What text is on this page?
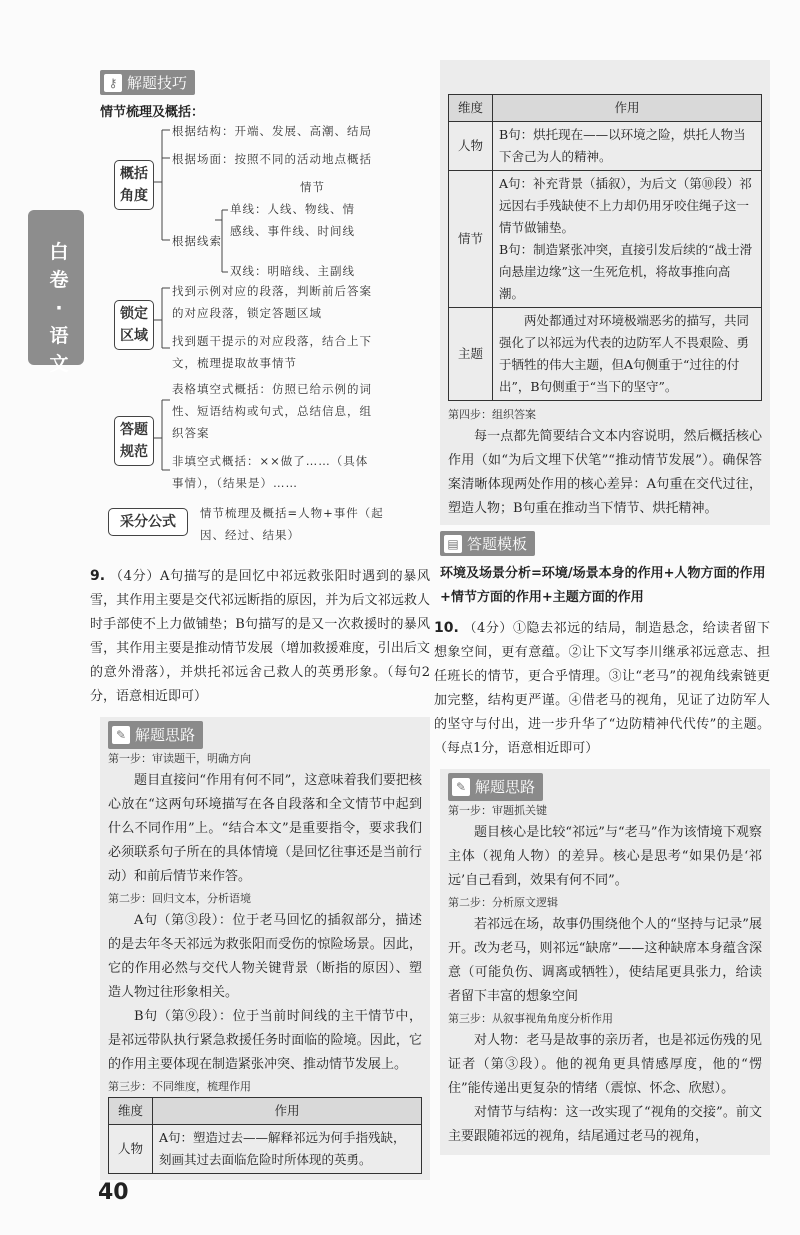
白卷·语文
⚷ 解题技巧
情节梳理及概括：
概括
角度
根据结构：开端、发展、高潮、结局
根据场面：按照不同的活动地点概括
情节
单线：人线、物线、情
根据线索
感线、事件线、时间线
双线：明暗线、主副线
锁定
区域
找到示例对应的段落，判断前后答案
的对应段落，锁定答题区域
找到题干提示的对应段落，结合上下
文，梳理提取故事情节
答题
规范
表格填空式概括：仿照已给示例的词
性、短语结构或句式，总结信息，组
织答案
非填空式概括：××做了……（具体
事情），（结果是）……
采分公式
情节梳理及概括=人物+事件（起
因、经过、结果）
9. （4分）A句描写的是回忆中祁远救张阳时遇到的暴风雪，其作用主要是交代祁远断指的原因，并为后文祁远救人时手部使不上力做铺垫；B句描写的是又一次救援时的暴风雪，其作用主要是推动情节发展（增加救援难度，引出后文的意外滑落），并烘托祁远舍己救人的英勇形象。（每句2分，语意相近即可）
✎ 解题思路
第一步：审读题干，明确方向
题目直接问“作用有何不同”，这意味着我们要把核心放在“这两句环境描写在各自段落和全文情节中起到什么不同作用”上。“结合本文”是重要指令，要求我们必须联系句子所在的具体情境（是回忆往事还是当前行动）和前后情节来作答。
第二步：回归文本，分析语境
A句（第③段）：位于老马回忆的插叙部分，描述的是去年冬天祁远为救张阳而受伤的惊险场景。因此，它的作用必然与交代人物关键背景（断指的原因）、塑造人物过往形象相关。
B句（第⑨段）：位于当前时间线的主干情节中，是祁远带队执行紧急救援任务时面临的险境。因此，它的作用主要体现在制造紧张冲突、推动情节发展上。
第三步：不同维度，梳理作用
维度	作用
人物	A句：塑造过去——解释祁远为何手指残缺，刻画其过去面临危险时所体现的英勇。
维度	作用
人物	B句：烘托现在——以环境之险，烘托人物当下舍己为人的精神。
情节	A句：补充背景（插叙），为后文（第⑩段）祁远因右手残缺使不上力却仍用牙咬住绳子这一情节做铺垫。
B句：制造紧张冲突，直接引发后续的“战士滑向悬崖边缘”这一生死危机，将故事推向高潮。

主题	两处都通过对环境极端恶劣的描写，共同强化了以祁远为代表的边防军人不畏艰险、勇于牺牲的伟大主题，但A句侧重于“过往的付出”，B句侧重于“当下的坚守”。
第四步：组织答案
每一点都先简要结合文本内容说明，然后概括核心作用（如“为后文埋下伏笔”“推动情节发展”）。确保答案清晰体现两处作用的核心差异：A句重在交代过往，塑造人物；B句重在推动当下情节、烘托精神。
▤ 答题模板
环境及场景分析=环境/场景本身的作用+人物方面的作用+情节方面的作用+主题方面的作用
10. （4分）①隐去祁远的结局，制造悬念，给读者留下想象空间，更有意蕴。②让下文写李川继承祁远意志、担任班长的情节，更合乎情理。③让“老马”的视角线索链更加完整，结构更严谨。④借老马的视角，见证了边防军人的坚守与付出，进一步升华了“边防精神代代传”的主题。（每点1分，语意相近即可）
✎ 解题思路
第一步：审题抓关键
题目核心是比较“祁远”与“老马”作为该情境下观察主体（视角人物）的差异。核心是思考“如果仍是‘祁远’自己看到，效果有何不同”。
第二步：分析原文逻辑
若祁远在场，故事仍围绕他个人的“坚持与记录”展开。改为老马，则祁远“缺席”——这种缺席本身蕴含深意（可能负伤、调离或牺牲），使结尾更具张力，给读者留下丰富的想象空间
第三步：从叙事视角角度分析作用
对人物：老马是故事的亲历者，也是祁远伤残的见证者（第③段）。他的视角更具情感厚度，他的“愣住”能传递出更复杂的情绪（震惊、怀念、欣慰）。
对情节与结构：这一改实现了“视角的交接”。前文主要跟随祁远的视角，结尾通过老马的视角，
40
